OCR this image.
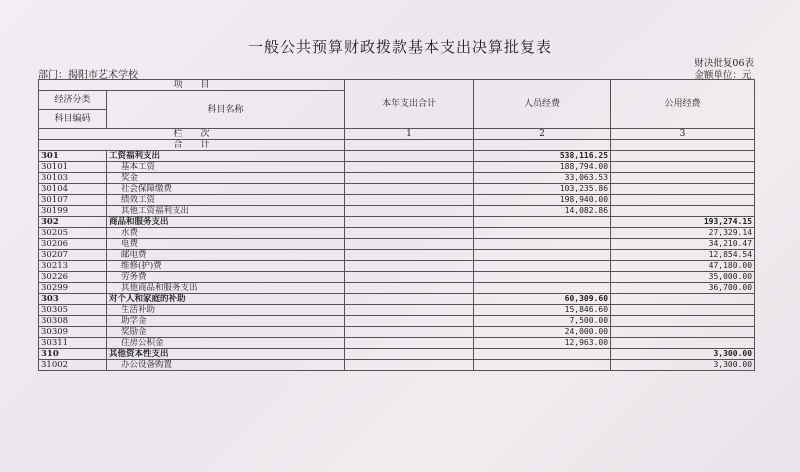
一般公共预算财政拨款基本支出决算批复表
部门：揭阳市艺术学校
财决批复06表
金额单位：元
项　　目		本年支出合计	人员经费	公用经费
经济分类	科目名称			
科目编码				
栏　　次		1	2	3
合　　计				
301	工资福利支出		538,116.25	
30101	基本工资		188,794.00	
30103	奖金		33,063.53	
30104	社会保障缴费		103,235.86	
30107	绩效工资		198,940.00	
30199	其他工资福利支出		14,082.86	
302	商品和服务支出			193,274.15
30205	水费			27,329.14
30206	电费			34,210.47
30207	邮电费			12,854.54
30213	维修(护)费			47,180.00
30226	劳务费			35,000.00
30299	其他商品和服务支出			36,700.00
303	对个人和家庭的补助		60,309.60	
30305	生活补助		15,846.60	
30308	助学金		7,500.00	
30309	奖励金		24,000.00	
30311	住房公积金		12,963.00	
310	其他资本性支出			3,300.00
31002	办公设备购置			3,300.00
